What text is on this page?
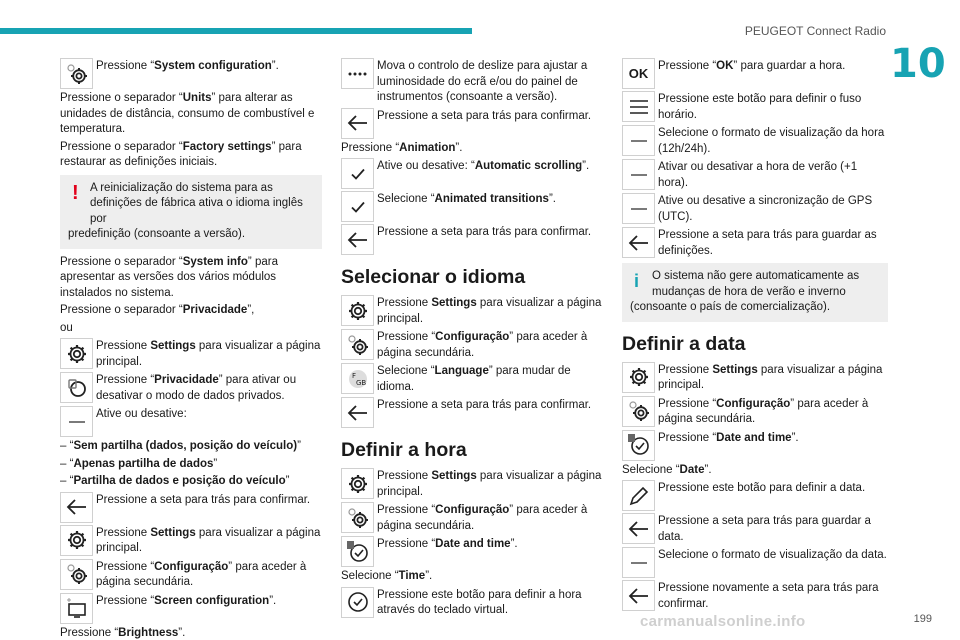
PEUGEOT Connect Radio
10
Pressione “System configuration”.

Pressione o separador “Units” para alterar as unidades de distância, consumo de combustível e temperatura.

Pressione o separador “Factory settings” para restaurar as definições iniciais.

! A reinicialização do sistema para as definições de fábrica ativa o idioma inglês por
predefinição (consoante a versão).

Pressione o separador “System info” para apresentar as versões dos vários módulos instalados no sistema.

Pressione o separador “Privacidade”,

ou

Pressione Settings para visualizar a página principal.
Pressione “Privacidade” para ativar ou desativar o modo de dados privados.
Ative ou desative:
– “Sem partilha (dados, posição do veículo)”
– “Apenas partilha de dados”
– “Partilha de dados e posição do veículo”
Pressione a seta para trás para confirmar.
Pressione Settings para visualizar a página principal.
Pressione “Configuração” para aceder à página secundária.
Pressione “Screen configuration”.

Pressione “Brightness”.

Mova o controlo de deslize para ajustar a luminosidade do ecrã e/ou do painel de instrumentos (consoante a versão).
Pressione a seta para trás para confirmar.

Pressione “Animation”.

Ative ou desative: “Automatic scrolling”.
Selecione “Animated transitions”.
Pressione a seta para trás para confirmar.
Selecionar o idioma
Pressione Settings para visualizar a página principal.
Pressione “Configuração” para aceder à página secundária.
Selecione “Language” para mudar de idioma.
Pressione a seta para trás para confirmar.
Definir a hora
Pressione Settings para visualizar a página principal.
Pressione “Configuração” para aceder à página secundária.
Pressione “Date and time”.

Selecione “Time”.

Pressione este botão para definir a hora através do teclado virtual.
OK Pressione “OK” para guardar a hora.
Pressione este botão para definir o fuso horário.
Selecione o formato de visualização da hora (12h/24h).
Ativar ou desativar a hora de verão (+1 hora).
Ative ou desative a sincronização de GPS (UTC).
Pressione a seta para trás para guardar as definições.
i	O sistema não gere automaticamente as mudanças de hora de verão e inverno
(consoante o país de comercialização).
Definir a data
Pressione Settings para visualizar a página principal.
Pressione “Configuração” para aceder à página secundária.
Pressione “Date and time”.

Selecione “Date”.

Pressione este botão para definir a data.
Pressione a seta para trás para guardar a data.
Selecione o formato de visualização da data.
Pressione novamente a seta para trás para confirmar.
carmanualsonline.info	199
